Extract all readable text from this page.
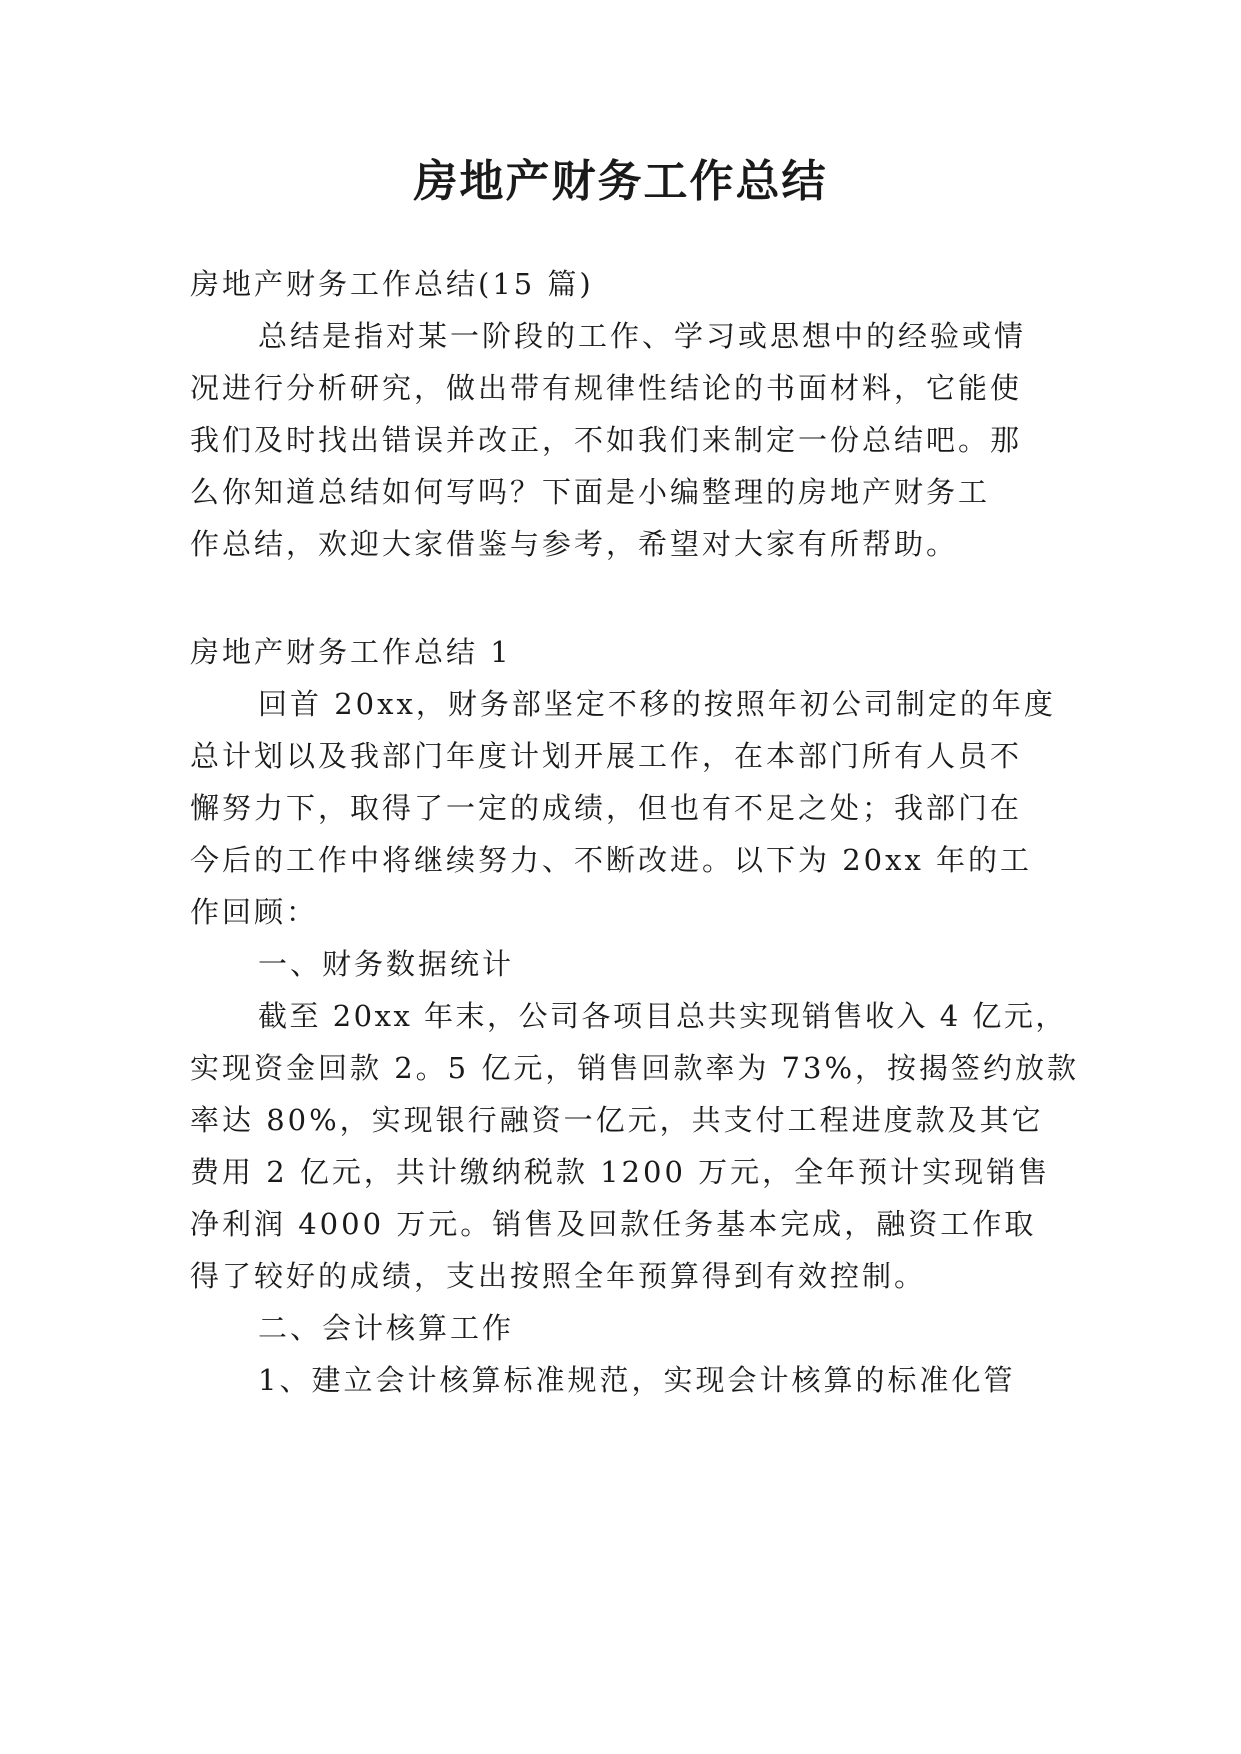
房地产财务工作总结
房地产财务工作总结(15 篇)
总结是指对某一阶段的工作、学习或思想中的经验或情
况进行分析研究，做出带有规律性结论的书面材料，它能使
我们及时找出错误并改正，不如我们来制定一份总结吧。那
么你知道总结如何写吗？下面是小编整理的房地产财务工
作总结，欢迎大家借鉴与参考，希望对大家有所帮助。
房地产财务工作总结 1
回首 20xx，财务部坚定不移的按照年初公司制定的年度
总计划以及我部门年度计划开展工作，在本部门所有人员不
懈努力下，取得了一定的成绩，但也有不足之处；我部门在
今后的工作中将继续努力、不断改进。以下为 20xx 年的工
作回顾：
一、财务数据统计
截至 20xx 年末，公司各项目总共实现销售收入 4 亿元，
实现资金回款 2。5 亿元，销售回款率为 73%，按揭签约放款
率达 80%，实现银行融资一亿元，共支付工程进度款及其它
费用 2 亿元，共计缴纳税款 1200 万元，全年预计实现销售
净利润 4000 万元。销售及回款任务基本完成，融资工作取
得了较好的成绩，支出按照全年预算得到有效控制。
二、会计核算工作
1、建立会计核算标准规范，实现会计核算的标准化管
